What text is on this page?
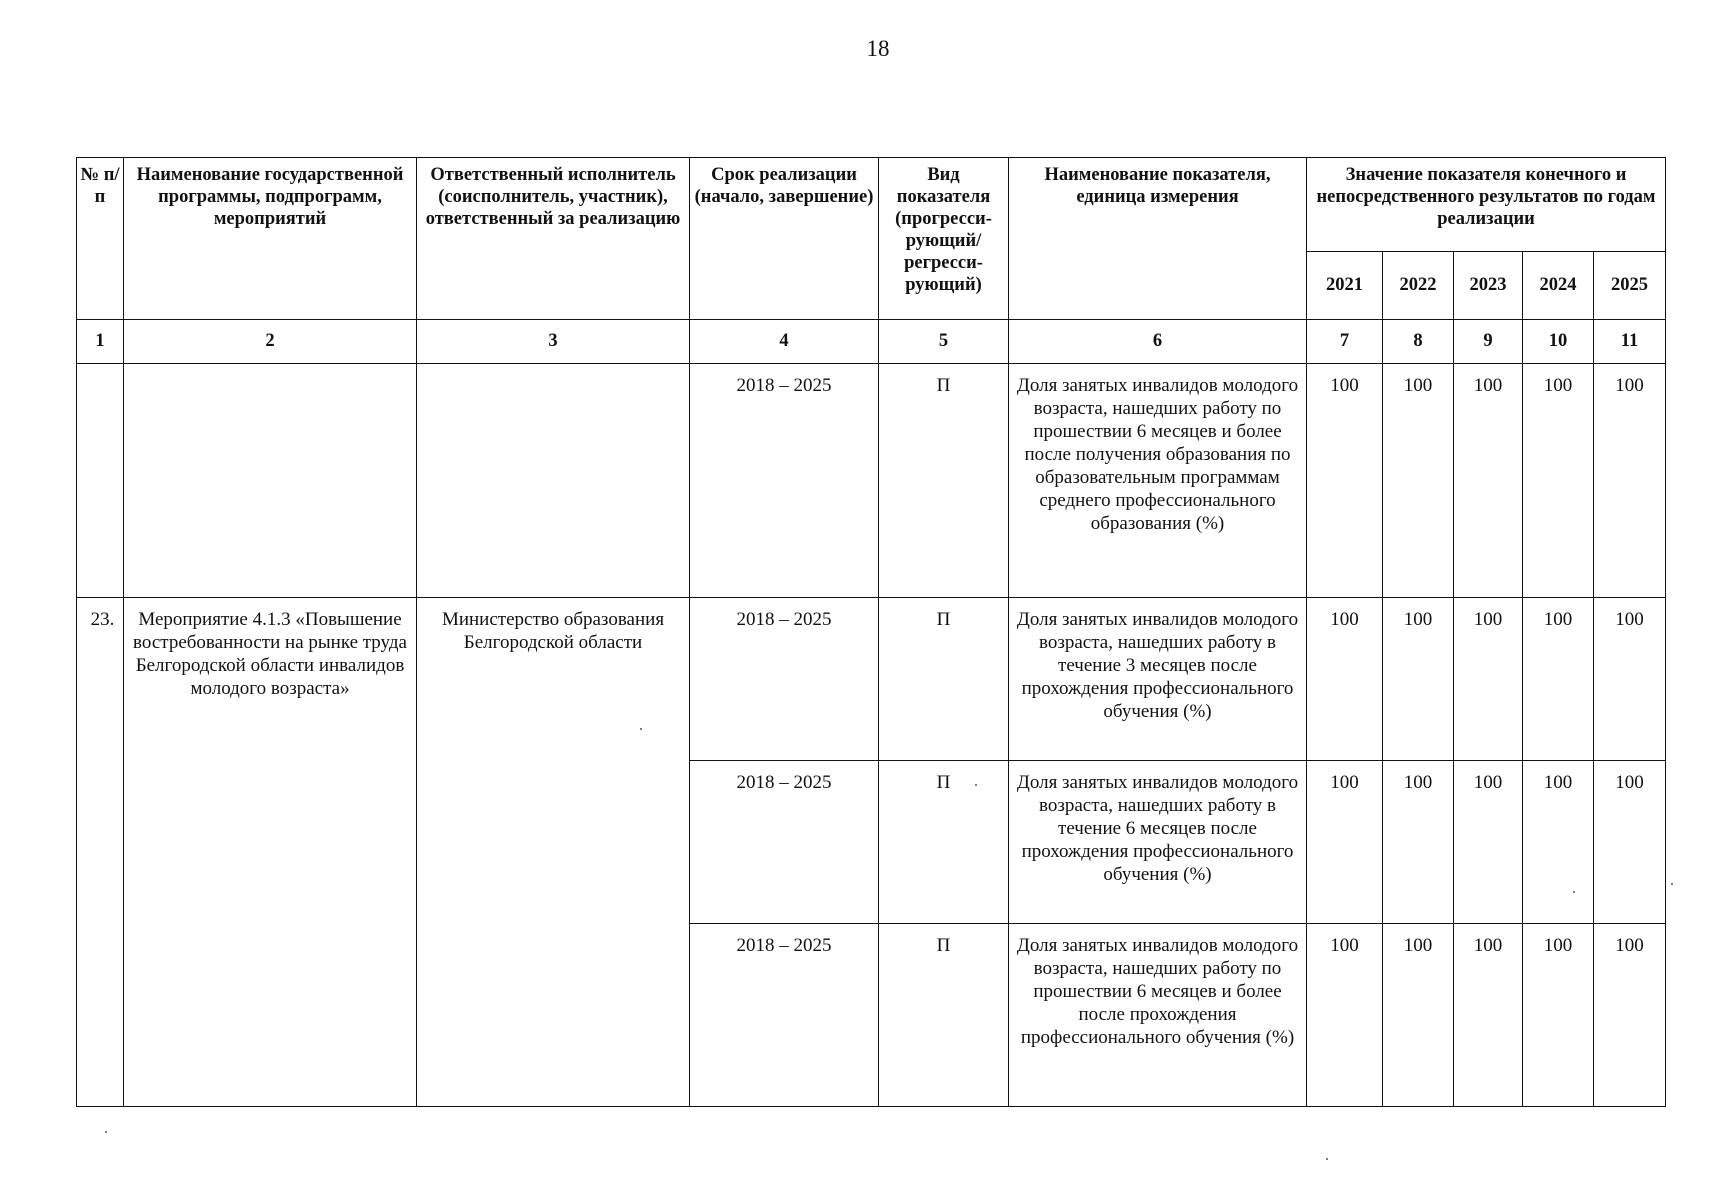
18
№ п/п	Наименование государственной программы, подпрограмм, мероприятий	Ответственный исполнитель (соисполнитель, участник), ответственный за реализацию	Срок реализации (начало, завершение)	Вид показателя (прогресси-рующий/ регресси-рующий)	Наименование показателя, единица измерения	Значение показателя конечного и непосредственного результатов по годам реализации				
						2021	2022	2023	2024	2025
1	2	3	4	5	6	7	8	9	10	11
			2018 – 2025	П	Доля занятых инвалидов молодого возраста, нашедших работу по прошествии 6 месяцев и более после получения образования по образовательным программам среднего профессионального образования (%)	100	100	100	100	100
23.	Мероприятие 4.1.3 «Повышение востребованности на рынке труда Белгородской области инвалидов молодого возраста»	Министерство образования Белгородской области	2018 – 2025	П	Доля занятых инвалидов молодого возраста, нашедших работу в течение 3 месяцев после прохождения профессионального обучения (%)	100	100	100	100	100
			2018 – 2025	П	Доля занятых инвалидов молодого возраста, нашедших работу в течение 6 месяцев после прохождения профессионального обучения (%)	100	100	100	100	100
			2018 – 2025	П	Доля занятых инвалидов молодого возраста, нашедших работу по прошествии 6 месяцев и более после прохождения профессионального обучения (%)	100	100	100	100	100
